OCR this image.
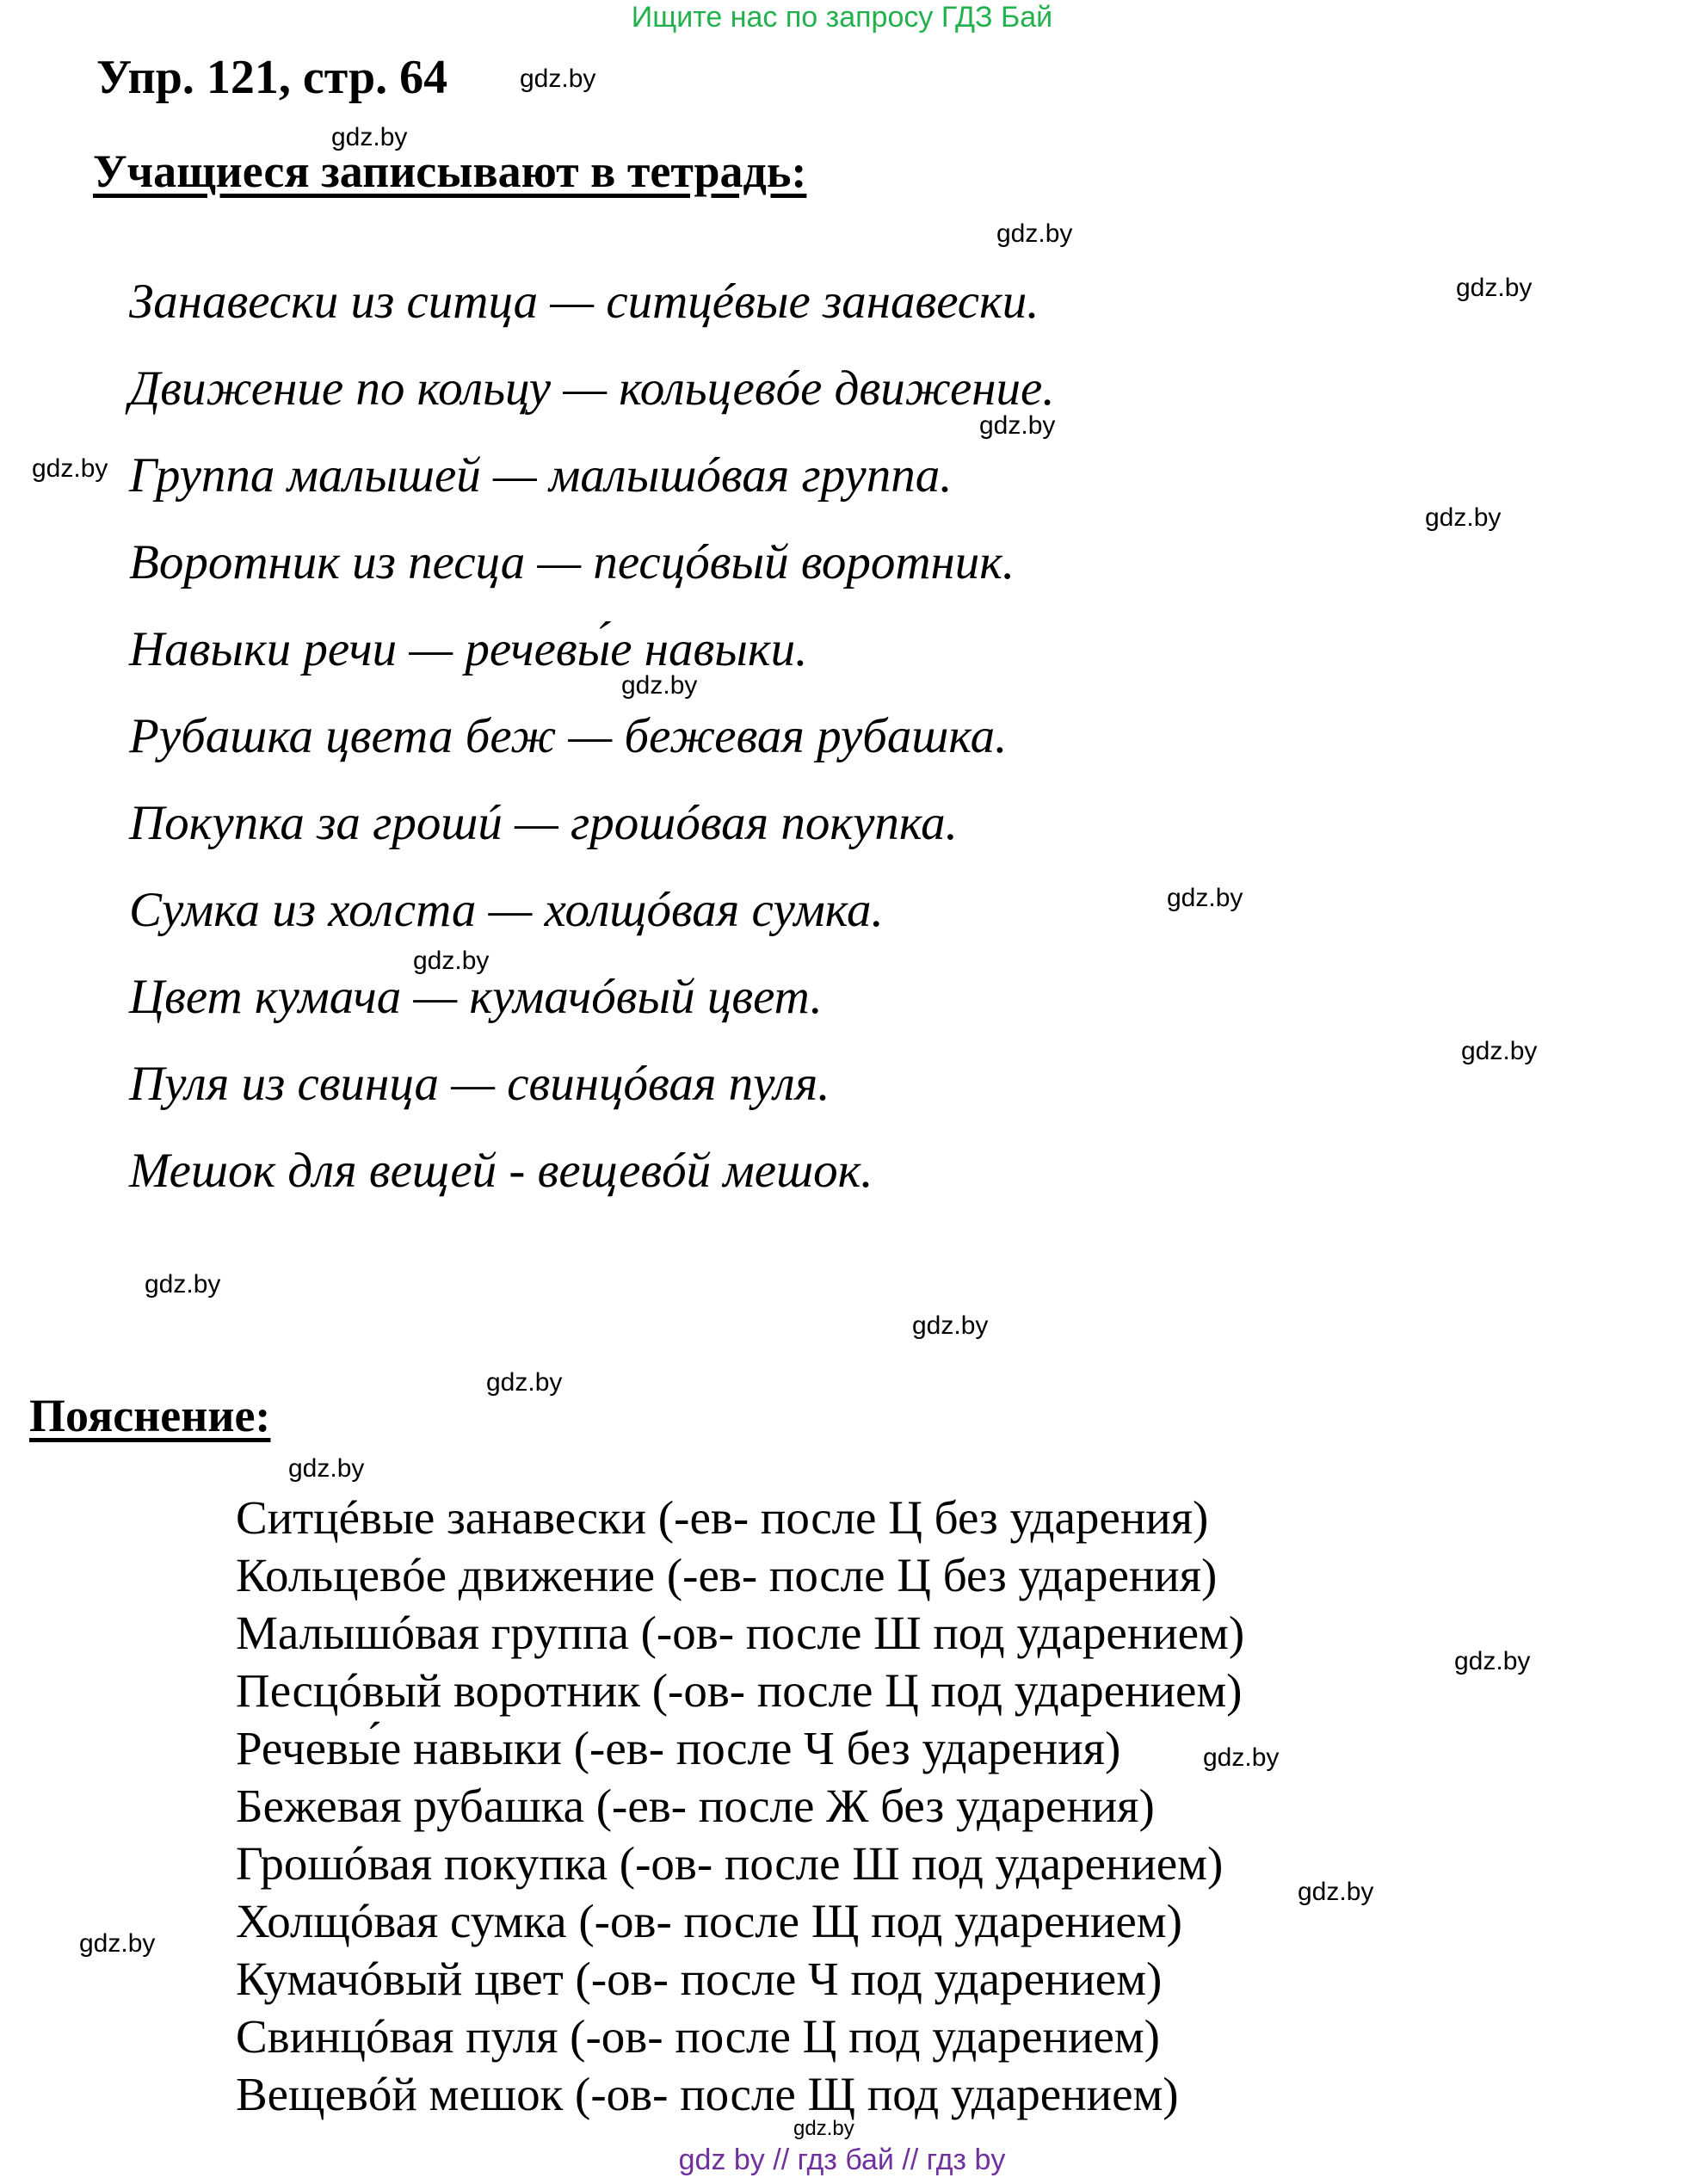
Ищите нас по запросу ГДЗ Бай
Упр. 121, стр. 64
Учащиеся записывают в тетрадь:
Занавески из ситца — ситцéвые занавески.
Движение по кольцу — кольцевóе движение.
Группа малышей — малышóвая группа.
Воротник из песца — песцóвый воротник.
Навыки речи — речевы́е навыки.
Рубашка цвета беж — бежевая рубашка.
Покупка за грошú — грошóвая покупка.
Сумка из холста — холщóвая сумка.
Цвет кумача — кумачóвый цвет.
Пуля из свинца — свинцóвая пуля.
Мешок для вещей - вещевóй мешок.
Пояснение:
Ситцéвые занавески (-ев- после Ц без ударения)
Кольцевóе движение (-ев- после Ц без ударения)
Малышóвая группа (-ов- после Ш под ударением)
Песцóвый воротник (-ов- после Ц под ударением)
Речевы́е навыки (-ев- после Ч без ударения)
Бежевая рубашка (-ев- после Ж без ударения)
Грошóвая покупка (-ов- после Ш под ударением)
Холщóвая сумка (-ов- после Щ под ударением)
Кумачóвый цвет (-ов- после Ч под ударением)
Свинцóвая пуля (-ов- после Ц под ударением)
Вещевóй мешок (-ов- после Щ под ударением)
gdz.by
gdz.by
gdz.by
gdz.by
gdz.by
gdz.by
gdz.by
gdz.by
gdz.by
gdz.by
gdz.by
gdz.by
gdz.by
gdz.by
gdz.by
gdz.by
gdz.by
gdz.by
gdz.by
gdz.by
gdz by // гдз бай // гдз by
